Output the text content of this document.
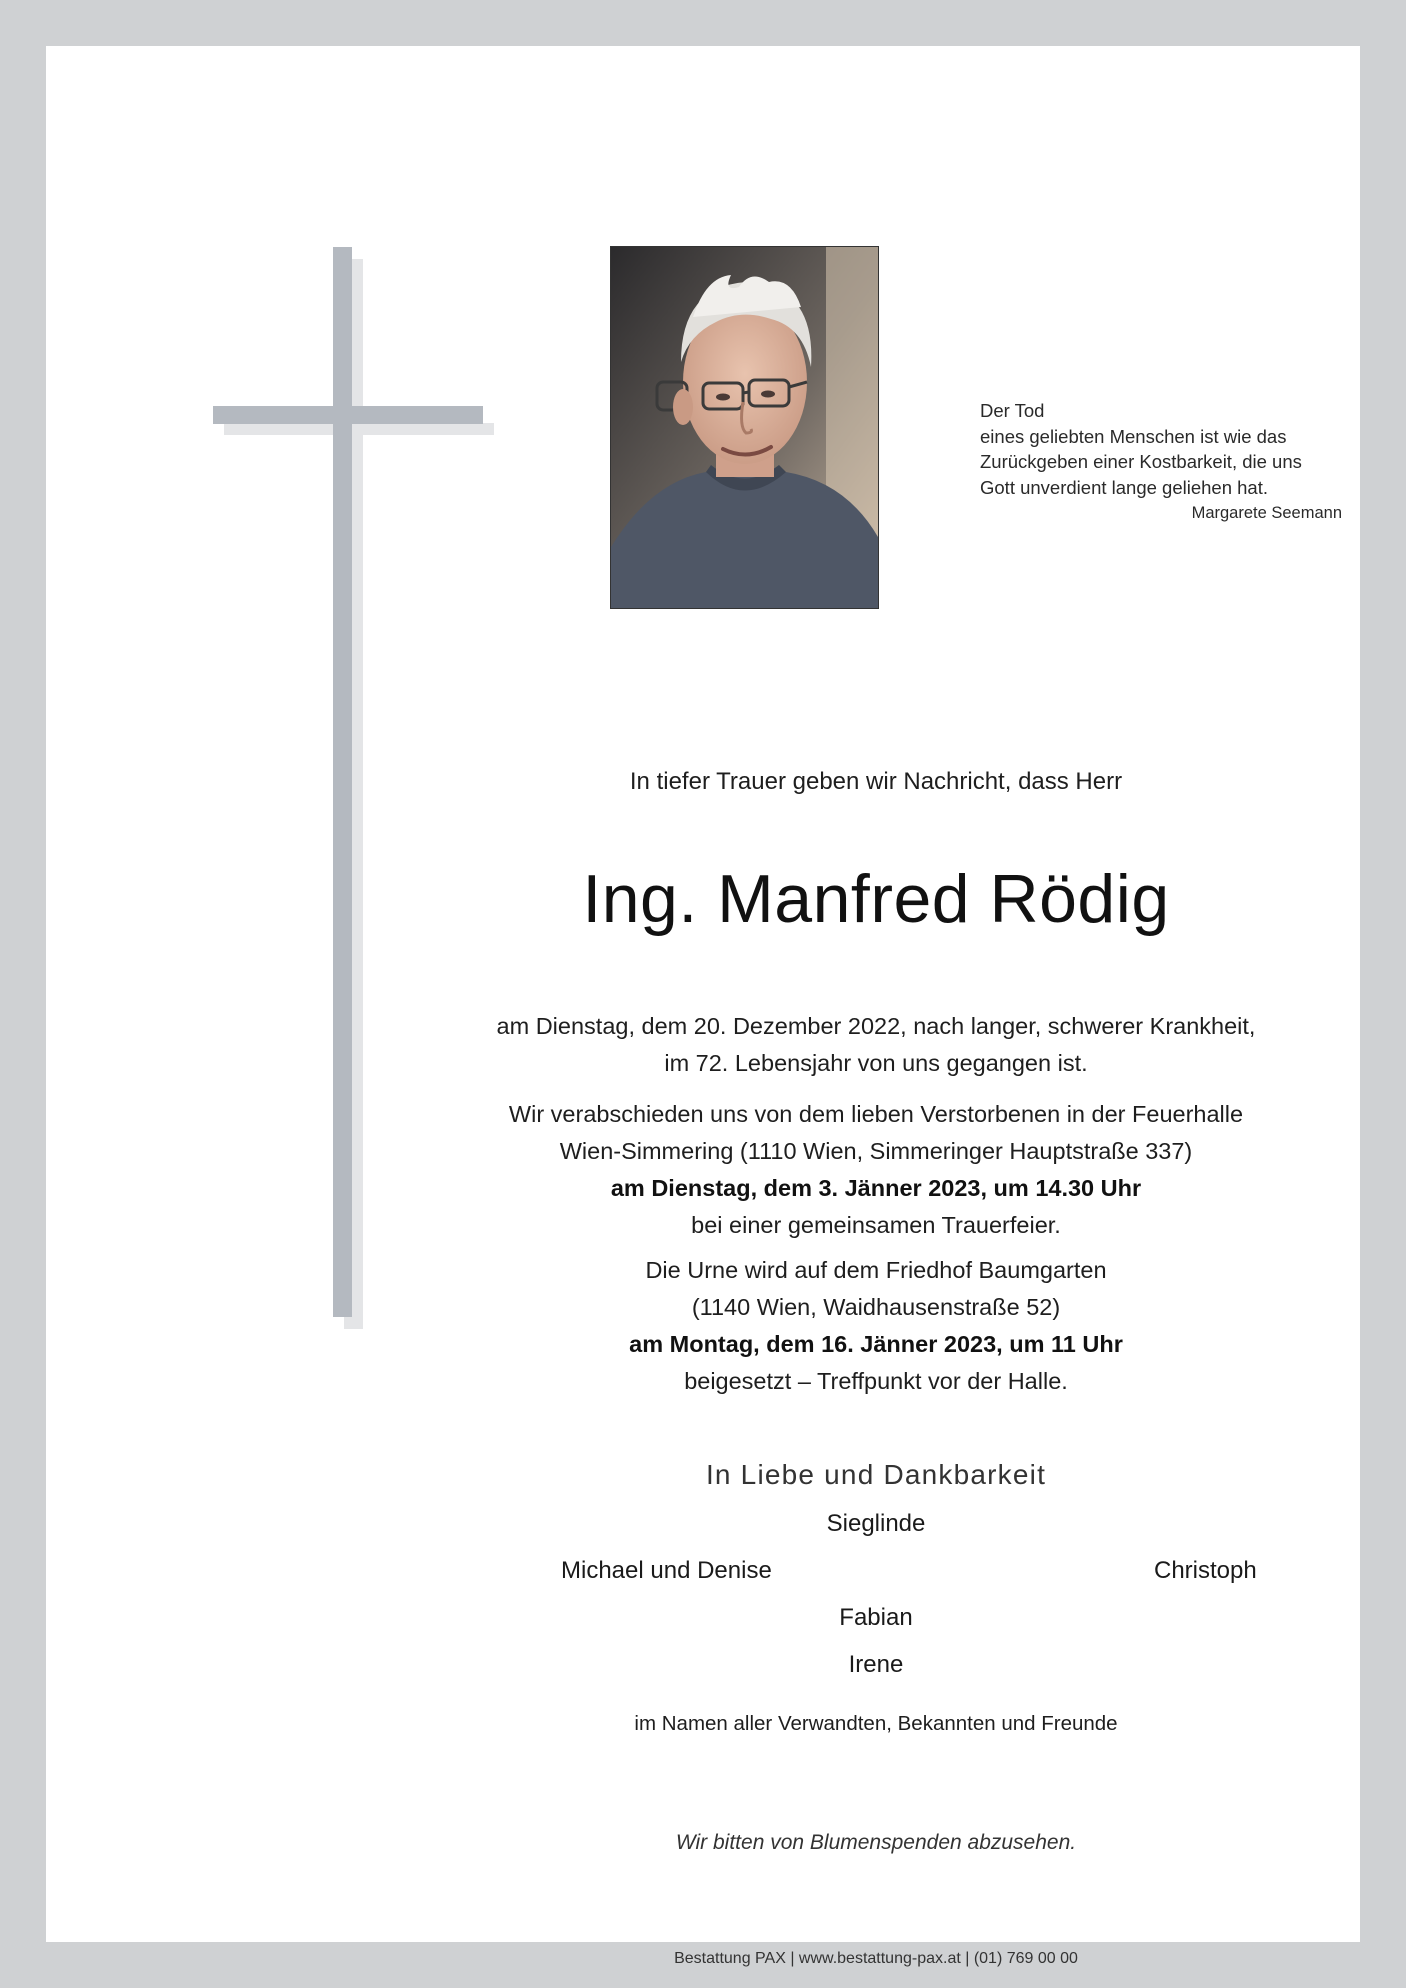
Der Tod
eines geliebten Menschen ist wie das
Zurückgeben einer Kostbarkeit, die uns
Gott unverdient lange geliehen hat.
Margarete Seemann
In tiefer Trauer geben wir Nachricht, dass Herr
Ing. Manfred Rödig
am Dienstag, dem 20. Dezember 2022, nach langer, schwerer Krankheit,
im 72. Lebensjahr von uns gegangen ist.
Wir verabschieden uns von dem lieben Verstorbenen in der Feuerhalle
Wien-Simmering (1110 Wien, Simmeringer Hauptstraße 337)
am Dienstag, dem 3. Jänner 2023, um 14.30 Uhr
bei einer gemeinsamen Trauerfeier.
Die Urne wird auf dem Friedhof Baumgarten
(1140 Wien, Waidhausenstraße 52)
am Montag, dem 16. Jänner 2023, um 11 Uhr
beigesetzt – Treffpunkt vor der Halle.
In Liebe und Dankbarkeit
Sieglinde
Michael und Denise	Christoph
Fabian
Irene
im Namen aller Verwandten, Bekannten und Freunde
Wir bitten von Blumenspenden abzusehen.
Bestattung PAX | www.bestattung-pax.at | (01) 769 00 00
